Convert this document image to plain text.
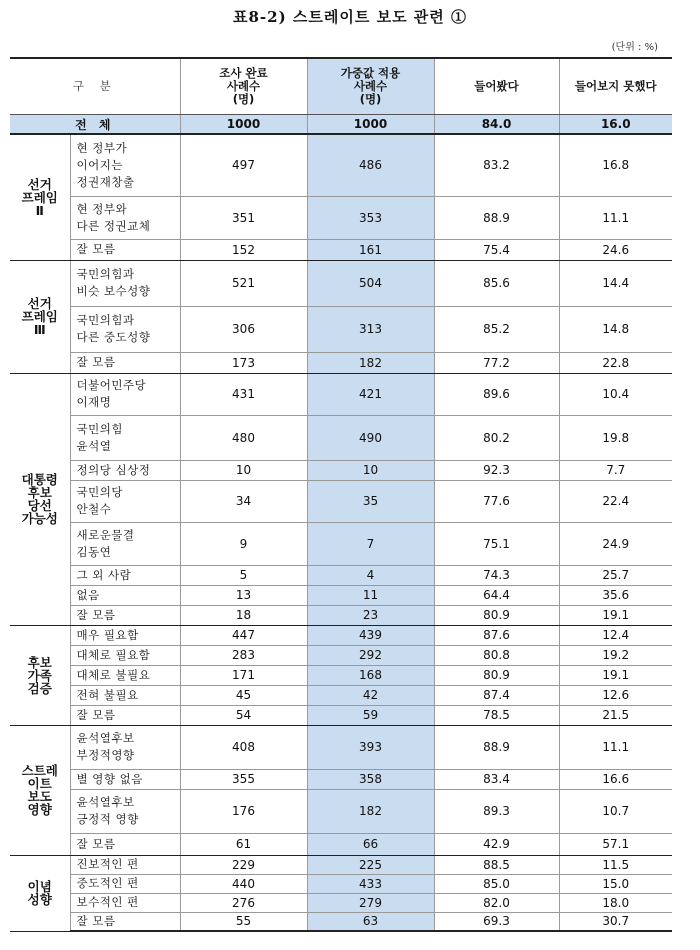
표8-2) 스트레이트 보도 관련 ①
(단위 : %)
구 분		조사 완료
사례수
(명)	가중값 적용
사례수
(명)	들어봤다	들어보지 못했다
전 체		1000	1000	84.0	16.0
선거
프레임
Ⅱ	현 정부가
이어지는
정권재창출	497	486	83.2	16.8
	현 정부와
다른 정권교체	351	353	88.9	11.1
	잘 모름	152	161	75.4	24.6
선거
프레임
Ⅲ	국민의힘과
비슷 보수성향	521	504	85.6	14.4
	국민의힘과
다른 중도성향	306	313	85.2	14.8
	잘 모름	173	182	77.2	22.8
대통령
후보
당선
가능성	더불어민주당
이재명	431	421	89.6	10.4
	국민의힘
윤석열	480	490	80.2	19.8
	정의당 심상정	10	10	92.3	7.7
	국민의당
안철수	34	35	77.6	22.4
	새로운물결
김동연	9	7	75.1	24.9
	그 외 사람	5	4	74.3	25.7
	없음	13	11	64.4	35.6
	잘 모름	18	23	80.9	19.1
후보
가족
검증	매우 필요함	447	439	87.6	12.4
	대체로 필요함	283	292	80.8	19.2
	대체로 불필요	171	168	80.9	19.1
	전혀 불필요	45	42	87.4	12.6
	잘 모름	54	59	78.5	21.5
스트레
이트
보도
영향	윤석열후보
부정적영향	408	393	88.9	11.1
	별 영향 없음	355	358	83.4	16.6
	윤석열후보
긍정적 영향	176	182	89.3	10.7
	잘 모름	61	66	42.9	57.1
이념
성향	진보적인 편	229	225	88.5	11.5
	중도적인 편	440	433	85.0	15.0
	보수적인 편	276	279	82.0	18.0
	잘 모름	55	63	69.3	30.7
